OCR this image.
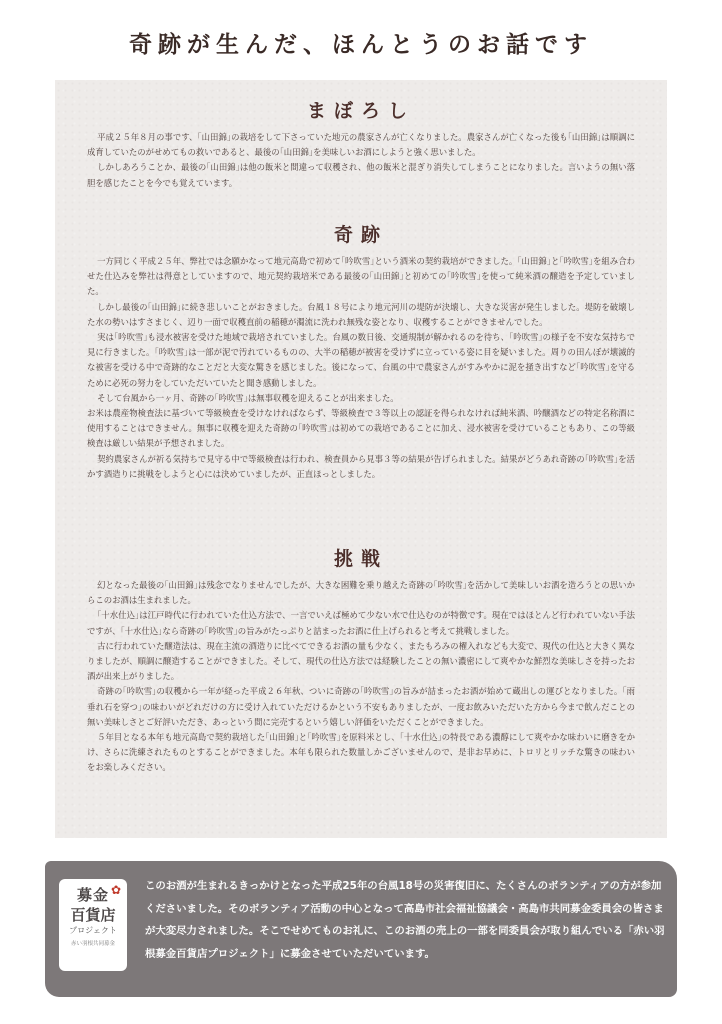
奇跡が生んだ、ほんとうのお話です
まぼろし

平成２５年８月の事です、｢山田錦｣の栽培をして下さっていた地元の農家さんが亡くなりました。農家さんが亡くなった後も｢山田錦｣は順調に成育していたのがせめてもの救いであると、最後の｢山田錦｣を美味しいお酒にしようと強く思いました。

しかしあろうことか、最後の｢山田錦｣は他の飯米と間違って収穫され、他の飯米と混ぎり消失してしまうことになりました。言いようの無い落胆を感じたことを今でも覚えています。

奇跡

一方同じく平成２５年、弊社では念願かなって地元高島で初めて｢吟吹雪｣という酒米の契約栽培ができました。｢山田錦｣と｢吟吹雪｣を組み合わせた仕込みを弊社は得意としていますので、地元契約栽培米である最後の｢山田錦｣と初めての｢吟吹雪｣を使って純米酒の醸造を予定していました。

しかし最後の｢山田錦｣に続き悲しいことがおきました。台風１８号により地元河川の堤防が決壊し、大きな災害が発生しました。堤防を破壊した水の勢いはすさまじく、辺り一面で収穫直前の稲穂が濁流に洗われ無残な姿となり、収穫することができませんでした。

実は｢吟吹雪｣も浸水被害を受けた地域で栽培されていました。台風の数日後、交通規制が解かれるのを待ち、｢吟吹雪｣の様子を不安な気持ちで見に行きました。｢吟吹雪｣は一部が泥で汚れているものの、大半の稲穂が被害を受けずに立っている姿に目を疑いました。周りの田んぼが壊滅的な被害を受ける中で奇跡的なことだと大変な驚きを感じました。後になって、台風の中で農家さんがすみやかに泥を掻き出すなど｢吟吹雪｣を守るために必死の努力をしていただいていたと聞き感動しました。

そして台風から一ヶ月、奇跡の｢吟吹雪｣は無事収穫を迎えることが出来ました。

お米は農産物検査法に基づいて等級検査を受けなければならず、等級検査で３等以上の認証を得られなければ純米酒、吟醸酒などの特定名称酒に使用することはできません。無事に収穫を迎えた奇跡の｢吟吹雪｣は初めての栽培であることに加え、浸水被害を受けていることもあり、この等級検査は厳しい結果が予想されました。

契約農家さんが祈る気持ちで見守る中で等級検査は行われ、検査員から見事３等の結果が告げられました。結果がどうあれ奇跡の｢吟吹雪｣を活かす酒造りに挑戦をしようと心には決めていましたが、正直ほっとしました。

挑戦

幻となった最後の｢山田錦｣は残念でなりませんでしたが、大きな困難を乗り越えた奇跡の｢吟吹雪｣を活かして美味しいお酒を造ろうとの思いからこのお酒は生まれました。

｢十水仕込｣は江戸時代に行われていた仕込方法で、一言でいえば極めて少ない水で仕込むのが特徴です。現在ではほとんど行われていない手法ですが、｢十水仕込｣なら奇跡の｢吟吹雪｣の旨みがたっぷりと詰まったお酒に仕上げられると考えて挑戦しました。

古に行われていた醸造法は、現在主流の酒造りに比べてできるお酒の量も少なく、またもろみの櫂入れなども大変で、現代の仕込と大きく異なりましたが、順調に醸造することができました。そして、現代の仕込方法では経験したことの無い濃密にして爽やかな鮮烈な美味しさを持ったお酒が出来上がりました。

奇跡の｢吟吹雪｣の収穫から一年が経った平成２６年秋、ついに奇跡の｢吟吹雪｣の旨みが詰まったお酒が始めて蔵出しの運びとなりました。｢雨垂れ石を穿つ｣の味わいがどれだけの方に受け入れていただけるかという不安もありましたが、一度お飲みいただいた方から今まで飲んだことの無い美味しさとご好評いただき、あっという間に完売するという嬉しい評価をいただくことができました。

５年目となる本年も地元高島で契約栽培した｢山田錦｣と｢吟吹雪｣を原料米とし、｢十水仕込｣の特長である濃醇にして爽やかな味わいに磨きをかけ、さらに洗練されたものとすることができました。本年も限られた数量しかございませんので、是非お早めに、トロリとリッチな驚きの味わいをお楽しみください。

✿
募金
百貨店
プロジェクト
赤い羽根共同募金
このお酒が生まれるきっかけとなった平成25年の台風18号の災害復旧に、たくさんのボランティアの方が参加くださいました。そのボランティア活動の中心となって高島市社会福祉協議会・高島市共同募金委員会の皆さまが大変尽力されました。そこでせめてものお礼に、このお酒の売上の一部を同委員会が取り組んでいる「赤い羽根募金百貨店プロジェクト」に募金させていただいています。
